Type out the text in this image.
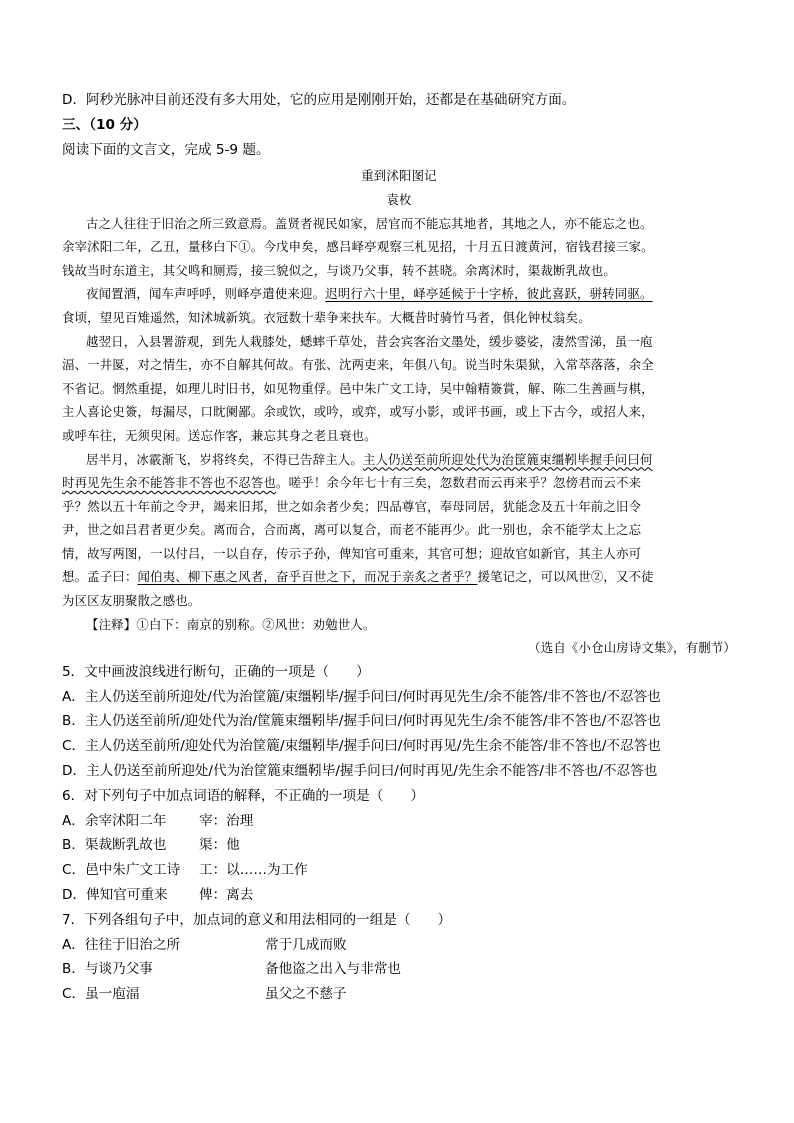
D．阿秒光脉冲目前还没有多大用处，它的应用是刚刚开始，还都是在基础研究方面。
三、（10 分）
阅读下面的文言文，完成 5-9 题。
重到沭阳图记
袁枚
古之人往往于旧治之所三致意焉。盖贤者视民如家，居官而不能忘其地者，其地之人，亦不能忘之也。
余宰沭阳二年，乙丑，量移白下①。今戊申矣，感吕峄亭观察三札见招，十月五日渡黄河，宿钱君接三家。
钱故当时东道主，其父鸣和厕焉，接三貌似之，与谈乃父事，转不甚晓。余离沭时，渠裁断乳故也。
夜闻置酒，闻车声呼呼，则峄亭遣使来迎。迟明行六十里，峄亭延候于十字桥，彼此喜跃，骈转同驱。
食顷，望见百雉遥然，知沭城新筑。衣冠数十辈争来扶车。大概昔时骑竹马者，俱化钟杖翁矣。
越翌日，入县署游观，到先人栽膝处，蟋蟀千草处，昔会宾客治文墨处，缓步婆娑，凄然雪涕，虽一庖
湢、一井匽，对之情生，亦不自解其何故。有张、沈两吏来，年俱八旬。说当时朱渠狱，入常萃落落，余全
不省记。惘然重提，如理儿时旧书，如见物重俘。邑中朱广文工诗，吴中翰精簽賞，解、陈二生善画与棋，
主人喜论史簽，每漏尽，口眈阑鄙。余或饮，或吟，或弈，或写小影，或评书画，或上下古今，或招人来，
或呼车往，无须臾闲。送忘作客，兼忘其身之老且衰也。
居半月，冰霰渐飞，岁将终矣，不得已告辞主人。主人仍送至前所迎处代为治筐簏束缰靷毕握手问曰何
时再见先生余不能答非不答也不忍答也。嗟乎！余今年七十有三矣，忽数君而云再来乎？忽傍君而云不来
乎？然以五十年前之令尹，竭来旧邦，世之如余者少矣；四品尊官，奉母同居，犹能念及五十年前之旧令
尹，世之如吕君者更少矣。离而合，合而离，离可以复合，而老不能再少。此一别也，余不能学太上之忘
情，故写两图，一以付吕，一以自存，传示子孙，俾知官可重来，其官可想；迎故官如新官，其主人亦可
想。孟子曰：闻伯夷、柳下惠之风者，奋乎百世之下，而况于亲炙之者乎？援笔记之，可以风世②，又不徒
为区区友朋聚散之感也。
【注释】①白下：南京的别称。②风世：劝勉世人。
（选自《小仓山房诗文集》，有删节）
5．文中画波浪线进行断句，正确的一项是（　　）
A．主人仍送至前所迎处/代为治筐簏/束缰靷毕/握手问曰/何时再见先生/余不能答/非不答也/不忍答也
B．主人仍送至前所/迎处代为治/筐簏束缰靷毕/握手问曰/何时再见先生/余不能答/非不答也/不忍答也
C．主人仍送至前所/迎处代为治筐簏/束缰靷毕/握手问曰/何时再见/先生余不能答/非不答也/不忍答也
D．主人仍送至前所迎处/代为治筐簏束缰靷毕/握手问曰/何时再见/先生余不能答/非不答也/不忍答也
6．对下列句子中加点词语的解释，不正确的一项是（　　）
A．余宰沭阳二年	宰：治理
B．渠裁断乳故也	渠：他
C．邑中朱广文工诗	工：以……为工作
D．俾知官可重来	俾：离去
7．下列各组句子中，加点词的意义和用法相同的一组是（　　）
A．往往于旧治之所	常于几成而败
B．与谈乃父事	备他盗之出入与非常也
C．虽一庖湢	虽父之不慈子
